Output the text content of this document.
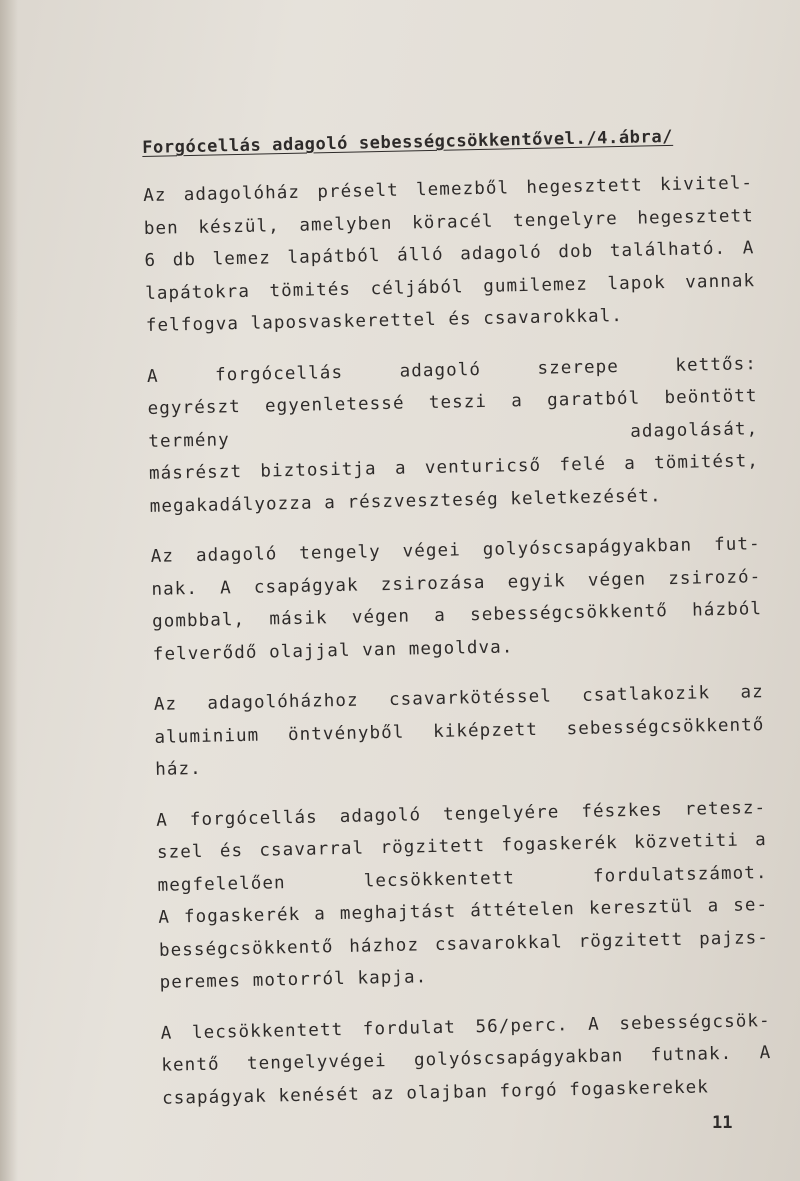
Forgócellás adagoló sebességcsökkentővel./4.ábra/
Az adagolóház préselt lemezből hegesztett kivitel-
ben készül, amelyben köracél tengelyre hegesztett
6 db lemez lapátból álló adagoló dob található. A
lapátokra tömités céljából gumilemez lapok vannak
felfogva laposvaskerettel és csavarokkal.
A forgócellás adagoló szerepe kettős:
egyrészt egyenletessé teszi a garatból beöntött
termény adagolását,
másrészt biztositja a venturicső felé a tömitést,
megakadályozza a részveszteség keletkezését.
Az adagoló tengely végei golyóscsapágyakban fut-
nak. A csapágyak zsirozása egyik végen zsirozó-
gombbal, másik végen a sebességcsökkentő házból
felverődő olajjal van megoldva.
Az adagolóházhoz csavarkötéssel csatlakozik az
aluminium öntvényből kiképzett sebességcsökkentő
ház.
A forgócellás adagoló tengelyére fészkes retesz-
szel és csavarral rögzitett fogaskerék közvetiti a
megfelelően lecsökkentett fordulatszámot.
A fogaskerék a meghajtást áttételen keresztül a se-
bességcsökkentő házhoz csavarokkal rögzitett pajzs-
peremes motorról kapja.
A lecsökkentett fordulat 56/perc. A sebességcsök-
kentő tengelyvégei golyóscsapágyakban futnak. A
csapágyak kenését az olajban forgó fogaskerekek
11
